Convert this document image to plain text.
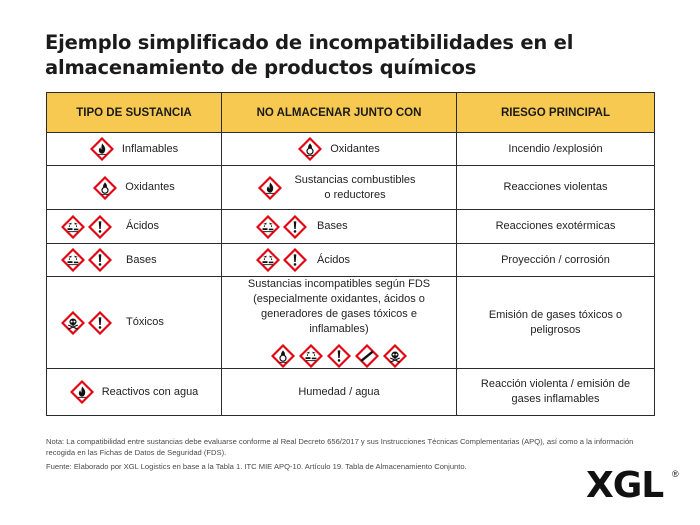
Ejemplo simplificado de incompatibilidades en el almacenamiento de productos químicos
TIPO DE SUSTANCIA	NO ALMACENAR JUNTO CON	RIESGO PRINCIPAL

Inflamables	Oxidantes	Incendio /explosión

Oxidantes	Sustancias combustibles o reductores	Reacciones violentas

Ácidos	Bases	Reacciones exotérmicas

Bases	Ácidos	Proyección / corrosión

Tóxicos	Sustancias incompatibles según FDS (especialmente oxidantes, ácidos o generadores de gases tóxicos e inflamables)	Emisión de gases tóxicos o peligrosos

Reactivos con agua	Humedad / agua	Reacción violenta / emisión de gases inflamables
Nota: La compatibilidad entre sustancias debe evaluarse conforme al Real Decreto 656/2017 y sus Instrucciones Técnicas Complementarias (APQ), así como a la información recogida en las Fichas de Datos de Seguridad (FDS).
Fuente: Elaborado por XGL Logistics en base a la Tabla 1. ITC MIE APQ-10. Artículo 19. Tabla de Almacenamiento Conjunto.	XGL ®
